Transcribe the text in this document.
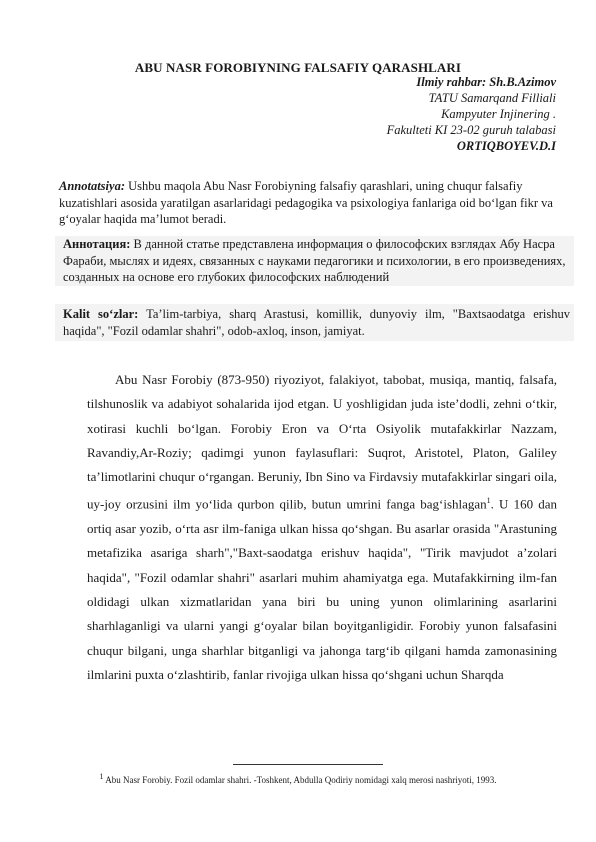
ABU NASR FOROBIYNING FALSAFIY QARASHLARI
Ilmiy rahbar: Sh.B.Azimov
TATU Samarqand Filliali
Kampyuter Injinering .
Fakulteti KI 23-02 guruh talabasi
ORTIQBOYEV.D.I
Annotatsiya: Ushbu maqola Abu Nasr Forobiyning falsafiy qarashlari, uning chuqur falsafiy kuzatishlari asosida yaratilgan asarlaridagi pedagogika va psixologiya fanlariga oid bo‘lgan fikr va g‘oyalar haqida ma’lumot beradi.
Аннотация: В данной статье представлена информация о философских взглядах Абу Насра Фараби, мыслях и идеях, связанных с науками педагогики и психологии, в его произведениях, созданных на основе его глубоких философских наблюдений
Kalit so‘zlar: Ta’lim-tarbiya, sharq Arastusi, komillik, dunyoviy ilm, "Baxtsaodatga erishuv haqida", "Fozil odamlar shahri", odob-axloq, inson, jamiyat.
Abu Nasr Forobiy (873-950) riyoziyot, falakiyot, tabobat, musiqa, mantiq, falsafa, tilshunoslik va adabiyot sohalarida ijod etgan. U yoshligidan juda iste’dodli, zehni o‘tkir, xotirasi kuchli bo‘lgan. Forobiy Eron va O‘rta Osiyolik mutafakkirlar Nazzam, Ravandiy,Ar-Roziy; qadimgi yunon faylasuflari: Suqrot, Aristotel, Platon, Galiley ta’limotlarini chuqur o‘rgangan. Beruniy, Ibn Sino va Firdavsiy mutafakkirlar singari oila, uy-joy orzusini ilm yo‘lida qurbon qilib, butun umrini fanga bag‘ishlagan$^1$. U 160 dan ortiq asar yozib, o‘rta asr ilm-faniga ulkan hissa qo‘shgan. Bu asarlar orasida "Arastuning metafizika asariga sharh","Baxt-saodatga erishuv haqida", "Tirik mavjudot a’zolari haqida", "Fozil odamlar shahri" asarlari muhim ahamiyatga ega. Mutafakkirning ilm-fan oldidagi ulkan xizmatlaridan yana biri bu uning yunon olimlarining asarlarini sharhlaganligi va ularni yangi g‘oyalar bilan boyitganligidir. Forobiy yunon falsafasini chuqur bilgani, unga sharhlar bitganligi va jahonga targ‘ib qilgani hamda zamonasining ilmlarini puxta o‘zlashtirib, fanlar rivojiga ulkan hissa qo‘shgani uchun Sharqda
$^1$ Abu Nasr Forobiy. Fozil odamlar shahri. -Toshkent, Abdulla Qodiriy nomidagi xalq merosi nashriyoti, 1993.
